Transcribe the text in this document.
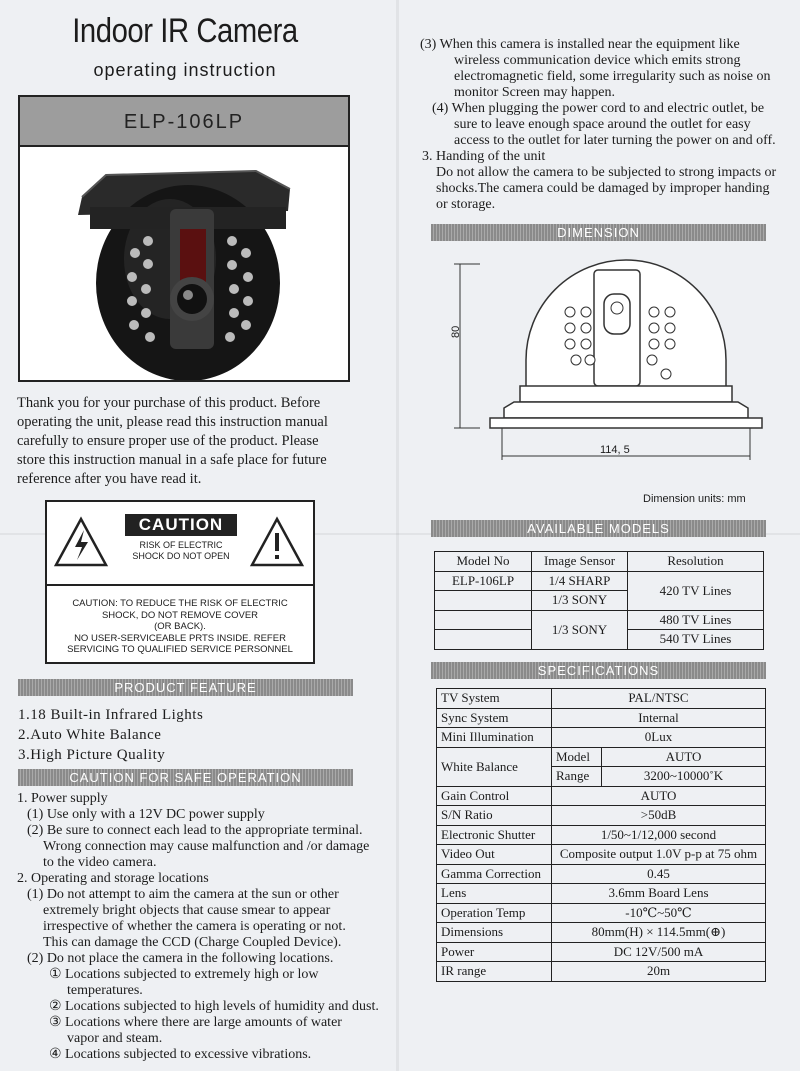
Indoor IR Camera
operating instruction
ELP-106LP
Thank you for your purchase of this product. Before
operating the unit, please read this instruction manual
carefully to ensure proper use of the product. Please
store this instruction manual in a safe place for future
reference after you have read it.
CAUTION
RISK OF ELECTRIC
SHOCK DO NOT OPEN
CAUTION: TO REDUCE THE RISK OF ELECTRIC
SHOCK, DO NOT REMOVE COVER
(OR BACK).
NO USER-SERVICEABLE PRTS INSIDE. REFER
SERVICING TO QUALIFIED SERVICE PERSONNEL
PRODUCT FEATURE
1.18 Built-in Infrared Lights
2.Auto White Balance
3.High Picture Quality
CAUTION FOR SAFE OPERATION
1. Power supply
(1) Use only with a 12V DC power supply
(2) Be sure to connect each lead to the appropriate terminal.
Wrong connection may cause malfunction and /or damage
to the video camera.
2. Operating and storage locations
(1) Do not attempt to aim the camera at the sun or other
extremely bright objects that cause smear to appear
irrespective of whether the camera is operating or not.
This can damage the CCD (Charge Coupled Device).
(2) Do not place the camera in the following locations.
① Locations subjected to extremely high or low
temperatures.
② Locations subjected to high levels of humidity and dust.
③ Locations where there are large amounts of water
vapor and steam.
④ Locations subjected to excessive vibrations.
(3) When this camera is installed near the equipment like
wireless communication device which emits strong
electromagnetic field, some irregularity such as noise on
monitor Screen may happen.
(4) When plugging the power cord to and electric outlet, be
sure to leave enough space around the outlet for easy
access to the outlet for later turning the power on and off.
3. Handing of the unit
Do not allow the camera to be subjected to strong impacts or
shocks.The camera could be damaged by improper handing
or storage.
DIMENSION
80
114, 5
Dimension units: mm
AVAILABLE MODELS
Model No	Image Sensor	Resolution
ELP-106LP	1/4 SHARP	420 TV Lines
	1/3 SONY	
	1/3 SONY	480 TV Lines
		540 TV Lines
SPECIFICATIONS
TV System	PAL/NTSC	
Sync System	Internal	
Mini Illumination	0Lux	
White Balance	Model	AUTO
	Range	3200~10000˚K
Gain Control	AUTO	
S/N Ratio	>50dB	
Electronic Shutter	1/50~1/12,000 second	
Video Out	Composite output 1.0V p-p at 75 ohm	
Gamma Correction	0.45	
Lens	3.6mm Board Lens	
Operation Temp	-10℃~50℃	
Dimensions	80mm(H) × 114.5mm(⊕)	
Power	DC 12V/500 mA	
IR range	20m	
